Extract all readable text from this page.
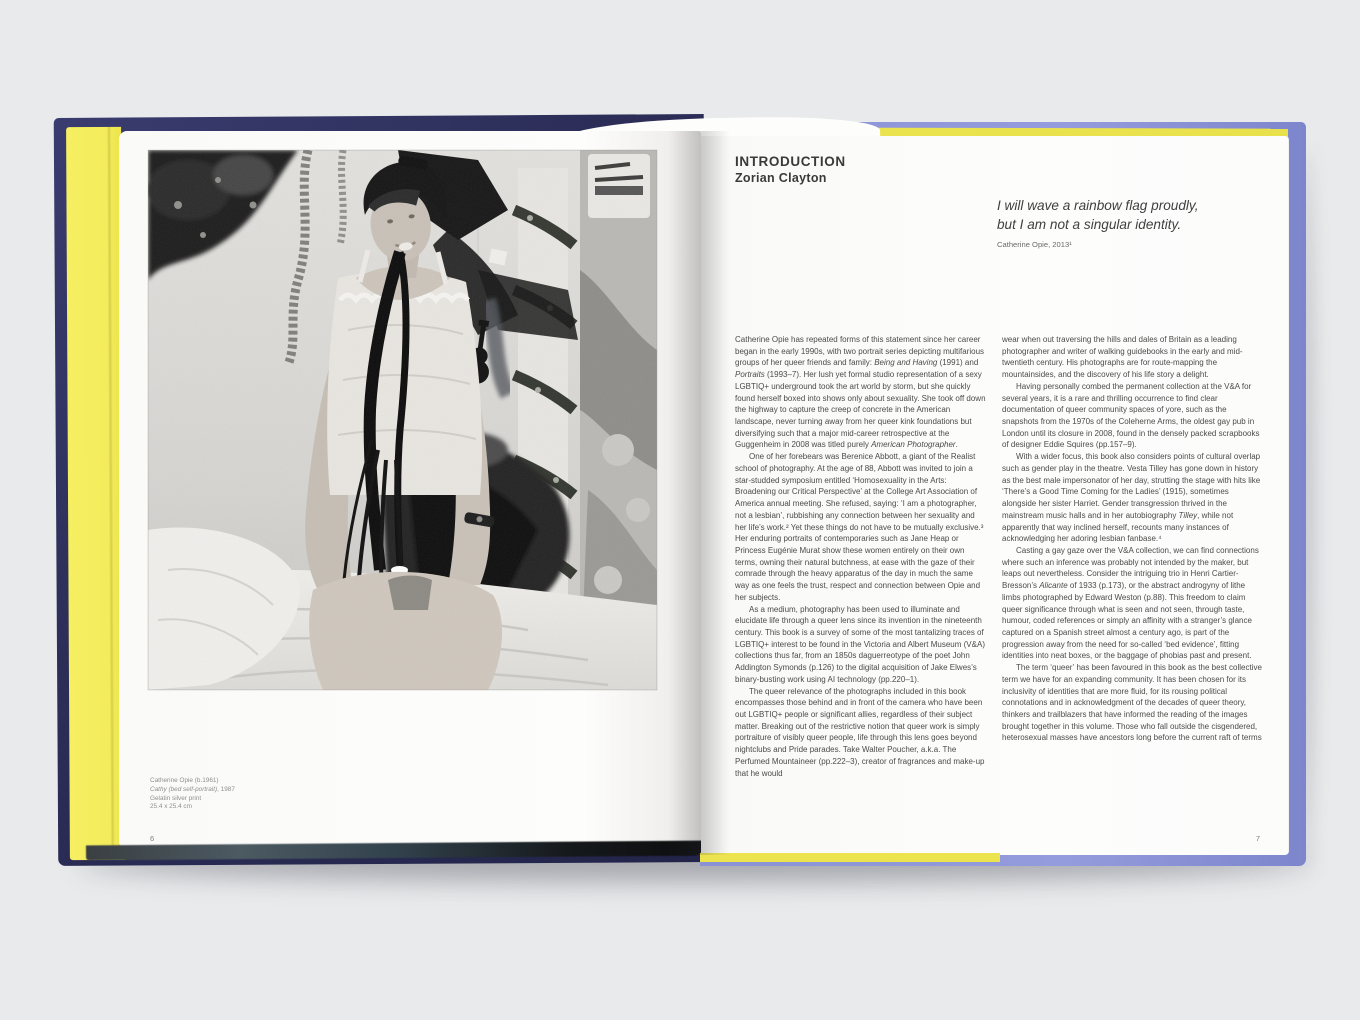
Catherine Opie (b.1961)
Cathy (bed self-portrait), 1987
Gelatin silver print
25.4 x 25.4 cm
6
INTRODUCTION
Zorian Clayton
I will wave a rainbow flag proudly,
but I am not a singular identity.
Catherine Opie, 2013¹

Catherine Opie has repeated forms of this statement since her career began in the early 1990s, with two portrait series depicting multifarious groups of her queer friends and family: Being and Having (1991) and Portraits (1993–7). Her lush yet formal studio representation of a sexy LGBTIQ+ underground took the art world by storm, but she quickly found herself boxed into shows only about sexuality. She took off down the highway to capture the creep of concrete in the American landscape, never turning away from her queer kink foundations but diversifying such that a major mid-career retrospective at the Guggenheim in 2008 was titled purely American Photographer.

One of her forebears was Berenice Abbott, a giant of the Realist school of photography. At the age of 88, Abbott was invited to join a star-studded symposium entitled ‘Homosexuality in the Arts: Broadening our Critical Perspective’ at the College Art Association of America annual meeting. She refused, saying: ‘I am a photographer, not a lesbian’, rubbishing any connection between her sexuality and her life’s work.² Yet these things do not have to be mutually exclusive.³ Her enduring portraits of contemporaries such as Jane Heap or Princess Eugénie Murat show these women entirely on their own terms, owning their natural butchness, at ease with the gaze of their comrade through the heavy apparatus of the day in much the same way as one feels the trust, respect and connection between Opie and her subjects.

As a medium, photography has been used to illuminate and elucidate life through a queer lens since its invention in the nineteenth century. This book is a survey of some of the most tantalizing traces of LGBTIQ+ interest to be found in the Victoria and Albert Museum (V&A) collections thus far, from an 1850s daguerreotype of the poet John Addington Symonds (p.126) to the digital acquisition of Jake Elwes’s binary-busting work using AI technology (pp.220–1).

The queer relevance of the photographs included in this book encompasses those behind and in front of the camera who have been out LGBTIQ+ people or significant allies, regardless of their subject matter. Breaking out of the restrictive notion that queer work is simply portraiture of visibly queer people, life through this lens goes beyond nightclubs and Pride parades. Take Walter Poucher, a.k.a. The Perfumed Mountaineer (pp.222–3), creator of fragrances and make-up that he would

wear when out traversing the hills and dales of Britain as a leading photographer and writer of walking guidebooks in the early and mid-twentieth century. His photographs are for route-mapping the mountainsides, and the discovery of his life story a delight.

Having personally combed the permanent collection at the V&A for several years, it is a rare and thrilling occurrence to find clear documentation of queer community spaces of yore, such as the snapshots from the 1970s of the Coleherne Arms, the oldest gay pub in London until its closure in 2008, found in the densely packed scrapbooks of designer Eddie Squires (pp.157–9).

With a wider focus, this book also considers points of cultural overlap such as gender play in the theatre. Vesta Tilley has gone down in history as the best male impersonator of her day, strutting the stage with hits like ‘There’s a Good Time Coming for the Ladies’ (1915), sometimes alongside her sister Harriet. Gender transgression thrived in the mainstream music halls and in her autobiography Tilley, while not apparently that way inclined herself, recounts many instances of acknowledging her adoring lesbian fanbase.⁴

Casting a gay gaze over the V&A collection, we can find connections where such an inference was probably not intended by the maker, but leaps out nevertheless. Consider the intriguing trio in Henri Cartier-Bresson’s Alicante of 1933 (p.173), or the abstract androgyny of lithe limbs photographed by Edward Weston (p.88). This freedom to claim queer significance through what is seen and not seen, through taste, humour, coded references or simply an affinity with a stranger’s glance captured on a Spanish street almost a century ago, is part of the progression away from the need for so-called ‘bed evidence’, fitting identities into neat boxes, or the baggage of phobias past and present.

The term ‘queer’ has been favoured in this book as the best collective term we have for an expanding community. It has been chosen for its inclusivity of identities that are more fluid, for its rousing political connotations and in acknowledgment of the decades of queer theory, thinkers and trailblazers that have informed the reading of the images brought together in this volume. Those who fall outside the cisgendered, heterosexual masses have ancestors long before the current raft of terms

7
